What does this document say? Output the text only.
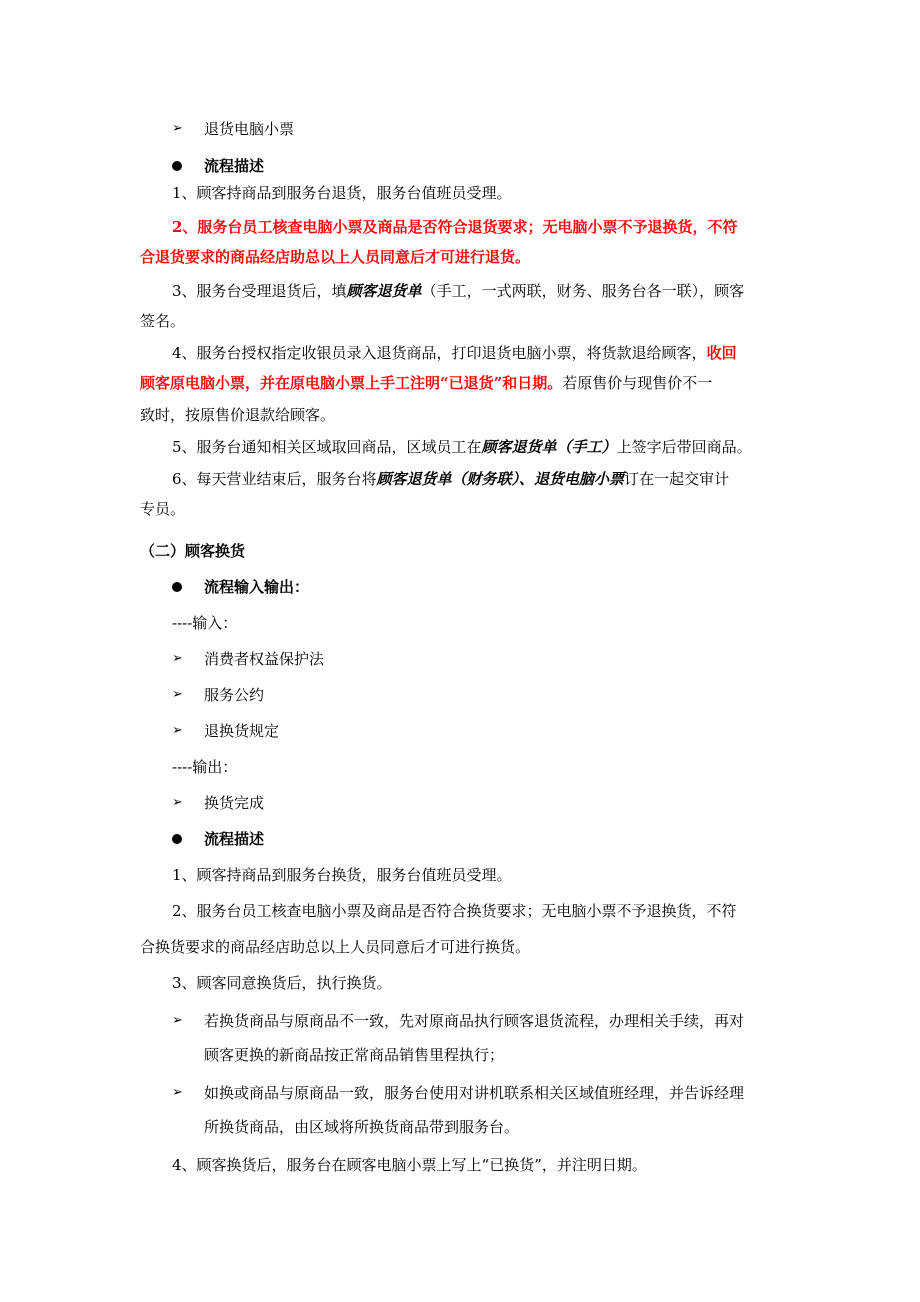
➢ 退货电脑小票
流程描述
1、顾客持商品到服务台退货，服务台值班员受理。
2、服务台员工核查电脑小票及商品是否符合退货要求；无电脑小票不予退换货，不符
合退货要求的商品经店助总以上人员同意后才可进行退货。
3、服务台受理退货后，填顾客退货单（手工，一式两联，财务、服务台各一联），顾客
签名。
4、服务台授权指定收银员录入退货商品，打印退货电脑小票，将货款退给顾客，收回
顾客原电脑小票，并在原电脑小票上手工注明“已退货”和日期。若原售价与现售价不一
致时，按原售价退款给顾客。
5、服务台通知相关区域取回商品，区域员工在顾客退货单（手工）上签字后带回商品。
6、每天营业结束后，服务台将顾客退货单（财务联）、退货电脑小票订在一起交审计
专员。
（二）顾客换货
流程输入输出：
----输入：
➢ 消费者权益保护法
➢ 服务公约
➢ 退换货规定
----输出：
➢ 换货完成
流程描述
1、顾客持商品到服务台换货，服务台值班员受理。
2、服务台员工核查电脑小票及商品是否符合换货要求；无电脑小票不予退换货，不符
合换货要求的商品经店助总以上人员同意后才可进行换货。
3、顾客同意换货后，执行换货。
➢ 若换货商品与原商品不一致，先对原商品执行顾客退货流程，办理相关手续，再对
顾客更换的新商品按正常商品销售里程执行；
➢ 如换或商品与原商品一致，服务台使用对讲机联系相关区域值班经理，并告诉经理
所换货商品，由区域将所换货商品带到服务台。
4、顾客换货后，服务台在顾客电脑小票上写上“已换货”，并注明日期。
